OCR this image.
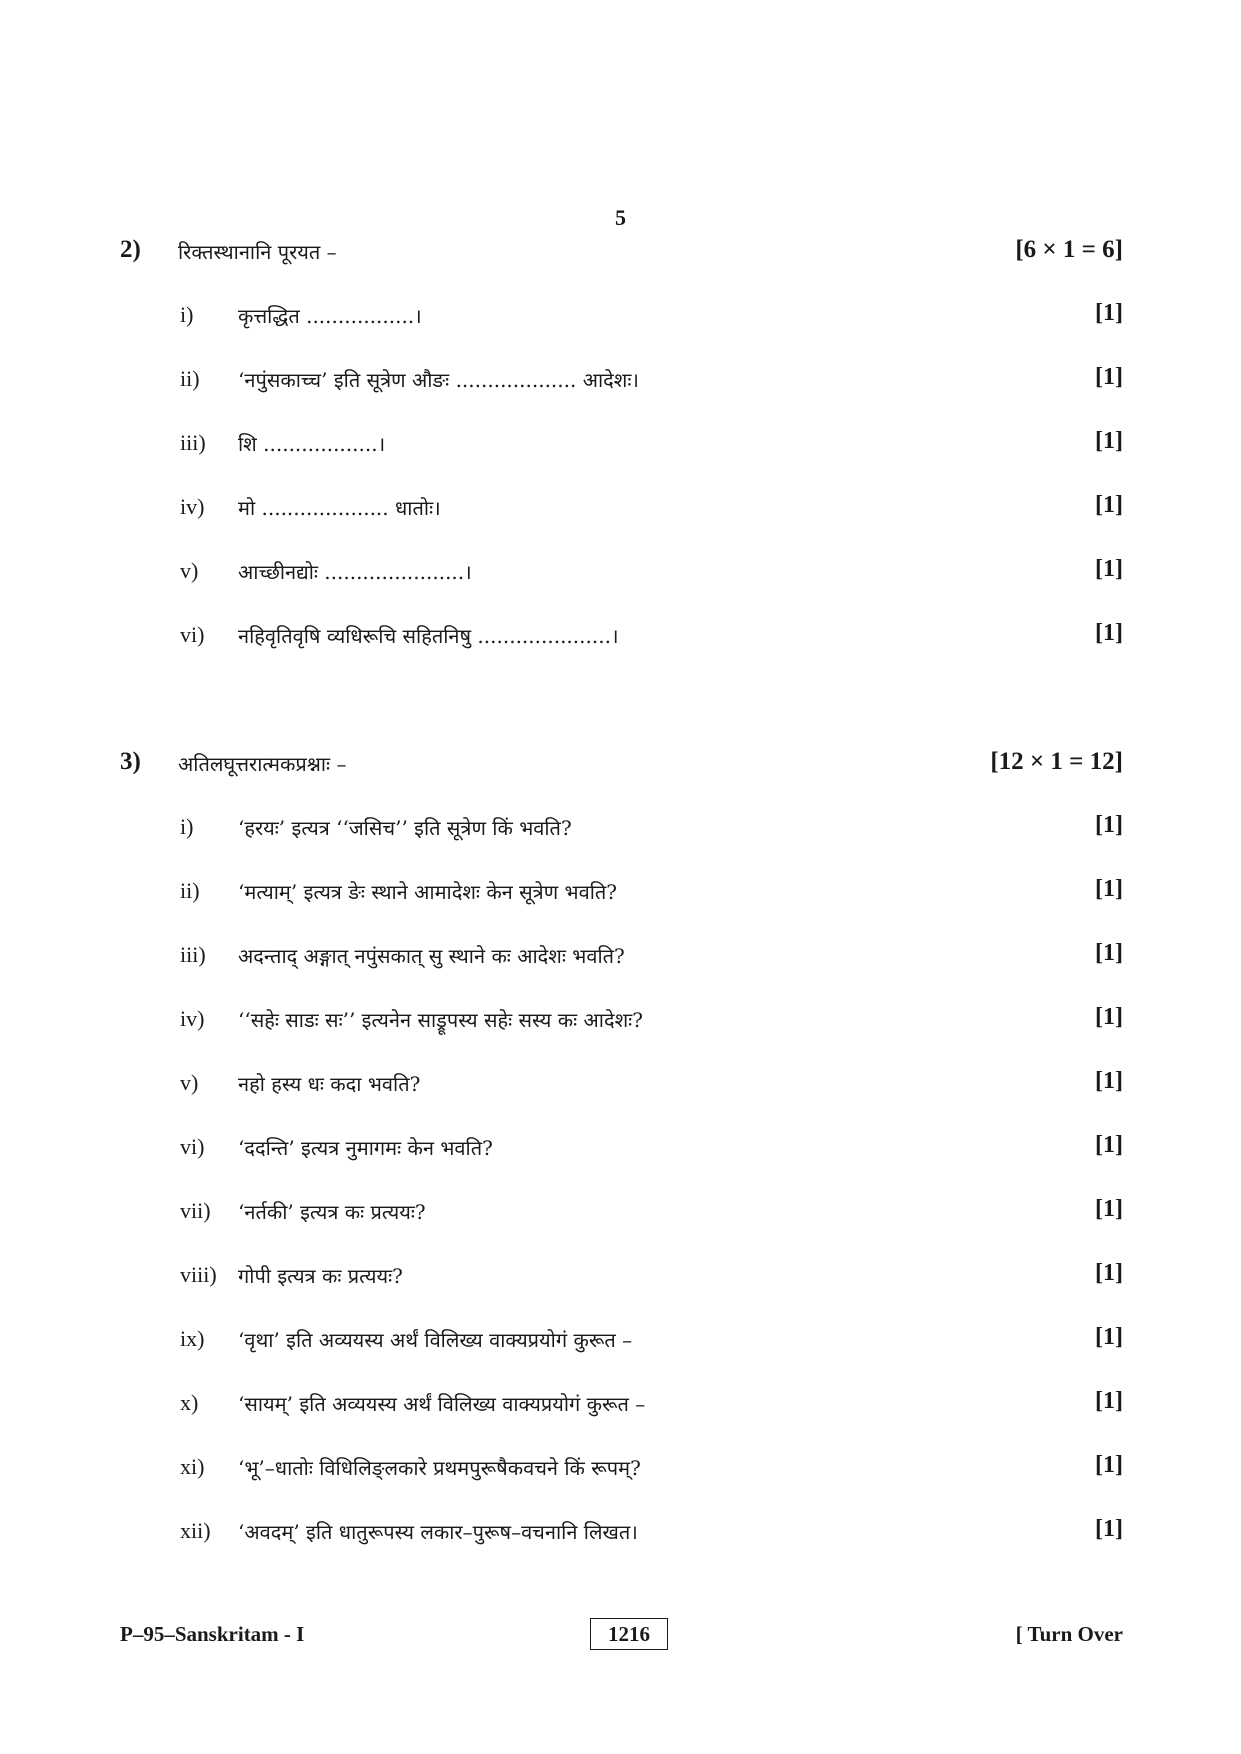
5
2) रिक्तस्थानानि पूरयत –	[6 × 1 = 6]
i) कृत्तद्धित .................।	[1]
ii) ‘नपुंसकाच्च’ इति सूत्रेण औङः ................... आदेशः।	[1]
iii) शि ..................।	[1]
iv) मो .................... धातोः।	[1]
v) आच्छीनद्योः ......................।	[1]
vi) नहिवृतिवृषि व्यधिरूचि सहितनिषु .....................।	[1]
3) अतिलघूत्तरात्मकप्रश्नाः –	[12 × 1 = 12]
i) ‘हरयः’ इत्यत्र ‘‘जसिच’’ इति सूत्रेण किं भवति?	[1]
ii) ‘मत्याम्’ इत्यत्र ङेः स्थाने आमादेशः केन सूत्रेण भवति?	[1]
iii) अदन्ताद् अङ्गात् नपुंसकात् सु स्थाने कः आदेशः भवति?	[1]
iv) ‘‘सहेः साडः सः’’ इत्यनेन साड्रूपस्य सहेः सस्य कः आदेशः?	[1]
v) नहो हस्य धः कदा भवति?	[1]
vi) ‘ददन्ति’ इत्यत्र नुमागमः केन भवति?	[1]
vii) ‘नर्तकी’ इत्यत्र कः प्रत्ययः?	[1]
viii) गोपी इत्यत्र कः प्रत्ययः?	[1]
ix) ‘वृथा’ इति अव्ययस्य अर्थं विलिख्य वाक्यप्रयोगं कुरूत –	[1]
x) ‘सायम्’ इति अव्ययस्य अर्थं विलिख्य वाक्यप्रयोगं कुरूत –	[1]
xi) ‘भू’–धातोः विधिलिङ्लकारे प्रथमपुरूषैकवचने किं रूपम्?	[1]
xii) ‘अवदम्’ इति धातुरूपस्य लकार–पुरूष–वचनानि लिखत।	[1]
P–95–Sanskritam - I	1216	[ Turn Over
